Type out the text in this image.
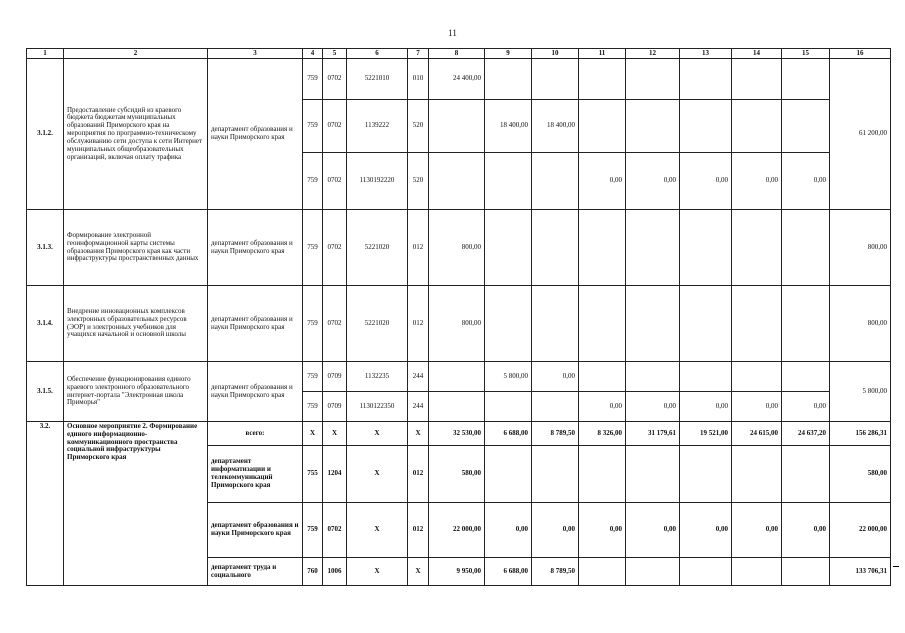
11
1	2	3	4	5	6	7	8	9	10	11	12	13	14	15	16
3.1.2.	Предоставление субсидий из краевого бюджета бюджетам муниципальных образований Приморского края на мероприятия по программно-техническому обслуживанию сети доступа к сети Интернет муниципальных общеобразовательных организаций, включая оплату трафика	департамент образования и науки Приморского края	759	0702	5221010	010	24 400,00								61 200,00
			759	0702	1139222	520		18 400,00	18 400,00						
			759	0702	1130192220	520				0,00	0,00	0,00	0,00	0,00	
3.1.3.	Формирование электронной геоинформационной карты системы образования Приморского края как части инфраструктуры пространственных данных	департамент образования и науки Приморского края	759	0702	5221020	012	800,00								800,00
3.1.4.	Внедрение инновационных комплексов электронных образовательных ресурсов (ЭОР) и электронных учебников для учащихся начальной и основной школы	департамент образования и науки Приморского края	759	0702	5221020	012	800,00								800,00
3.1.5.	Обеспечение функционирования единого краевого электронного образовательного интернет-портала "Электронная школа Приморья"	департамент образования и науки Приморского края	759	0709	1132235	244		5 800,00	0,00						5 800,00
			759	0709	1130122350	244				0,00	0,00	0,00	0,00	0,00	
3.2.	Основное мероприятие 2. Формирование единого информационно-коммуникационного пространства социальной инфраструктуры Приморского края	всего:	X	X	X	X	32 530,00	6 688,00	8 789,50	8 326,00	31 179,61	19 521,00	24 615,00	24 637,20	156 286,31
		департамент информатизации и телекоммуникаций Приморского края	755	1204	X	012	580,00								580,00
		департамент образования и науки Приморского края	759	0702	X	012	22 000,00	0,00	0,00	0,00	0,00	0,00	0,00	0,00	22 000,00
		департамент труда и социального	760	1006	X	X	9 950,00	6 688,00	8 789,50						133 706,31
